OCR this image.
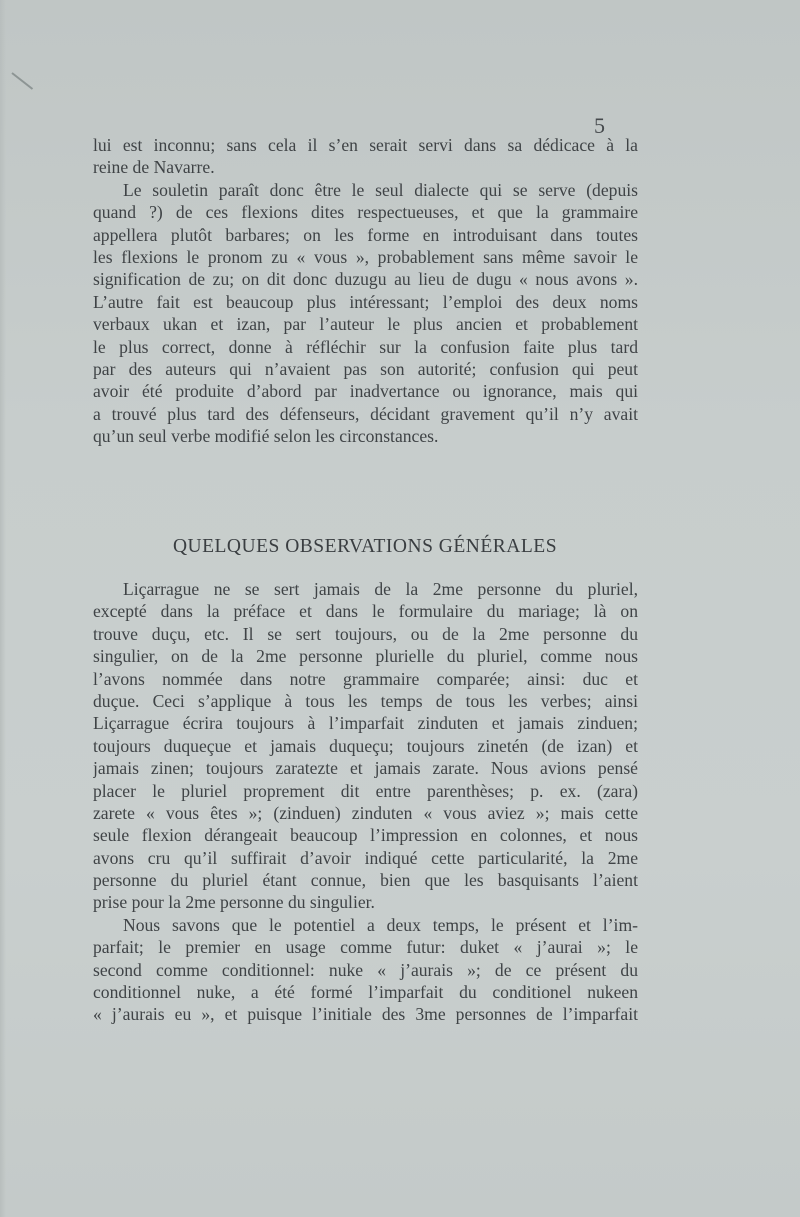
5
lui est inconnu; sans cela il s’en serait servi dans sa dédicace à la
reine de Navarre.
Le souletin paraît donc être le seul dialecte qui se serve (depuis
quand ?) de ces flexions dites respectueuses, et que la grammaire
appellera plutôt barbares; on les forme en introduisant dans toutes
les flexions le pronom zu « vous », probablement sans même savoir le
signification de zu; on dit donc duzugu au lieu de dugu « nous avons ».
L’autre fait est beaucoup plus intéressant; l’emploi des deux noms
verbaux ukan et izan, par l’auteur le plus ancien et probablement
le plus correct, donne à réfléchir sur la confusion faite plus tard
par des auteurs qui n’avaient pas son autorité; confusion qui peut
avoir été produite d’abord par inadvertance ou ignorance, mais qui
a trouvé plus tard des défenseurs, décidant gravement qu’il n’y avait
qu’un seul verbe modifié selon les circonstances.
QUELQUES OBSERVATIONS GÉNÉRALES
Liçarrague ne se sert jamais de la 2me personne du pluriel,
excepté dans la préface et dans le formulaire du mariage; là on
trouve duçu, etc. Il se sert toujours, ou de la 2me personne du
singulier, on de la 2me personne plurielle du pluriel, comme nous
l’avons nommée dans notre grammaire comparée; ainsi: duc et
duçue. Ceci s’applique à tous les temps de tous les verbes; ainsi
Liçarrague écrira toujours à l’imparfait zinduten et jamais zinduen;
toujours duqueçue et jamais duqueçu; toujours zinetén (de izan) et
jamais zinen; toujours zaratezte et jamais zarate. Nous avions pensé
placer le pluriel proprement dit entre parenthèses; p. ex. (zara)
zarete « vous êtes »; (zinduen) zinduten « vous aviez »; mais cette
seule flexion dérangeait beaucoup l’impression en colonnes, et nous
avons cru qu’il suffirait d’avoir indiqué cette particularité, la 2me
personne du pluriel étant connue, bien que les basquisants l’aient
prise pour la 2me personne du singulier.
Nous savons que le potentiel a deux temps, le présent et l’im-
parfait; le premier en usage comme futur: duket « j’aurai »; le
second comme conditionnel: nuke « j’aurais »; de ce présent du
conditionnel nuke, a été formé l’imparfait du conditionel nukeen
« j’aurais eu », et puisque l’initiale des 3me personnes de l’imparfait
